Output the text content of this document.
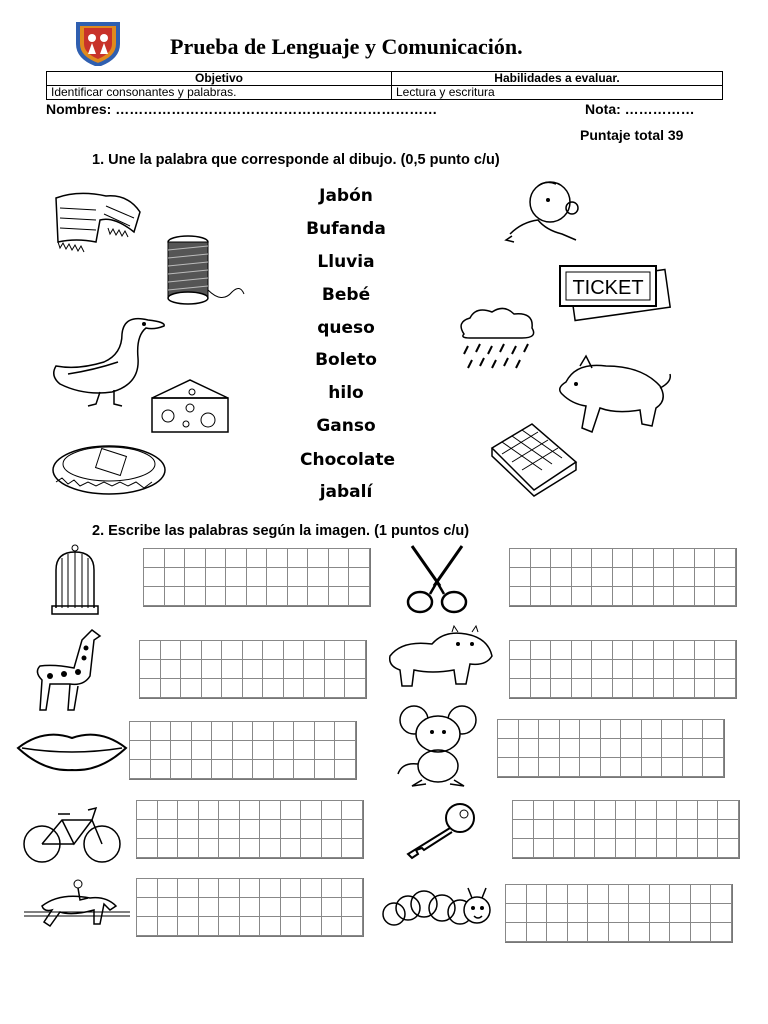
Prueba de Lenguaje y Comunicación.
Objetivo	Habilidades a evaluar.
Identificar consonantes y palabras.	Lectura y escritura
Nombres: ……………………………………………………………	Nota: ……………
Puntaje total 39
1. Une la palabra que corresponde al dibujo. (0,5 punto c/u)
Jabón
Bufanda
Lluvia
Bebé
queso
Boleto
hilo
Ganso
Chocolate
jabalí
TICKET
2. Escribe las palabras según la imagen. (1 puntos c/u)
